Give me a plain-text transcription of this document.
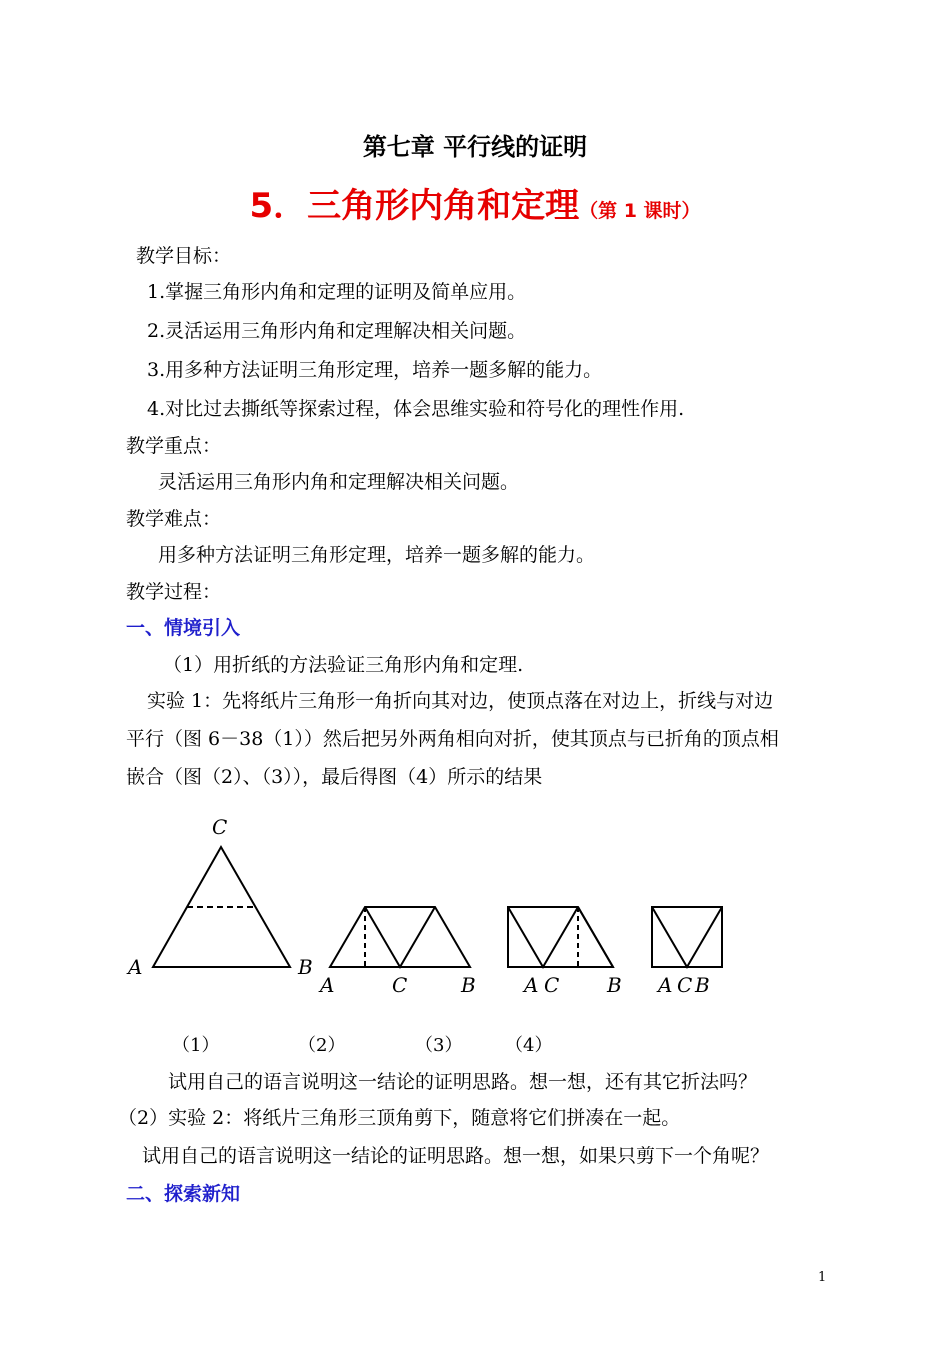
第七章 平行线的证明
5．三角形内角和定理（第 1 课时）
教学目标：
1.掌握三角形内角和定理的证明及简单应用。
2.灵活运用三角形内角和定理解决相关问题。
3.用多种方法证明三角形定理，培养一题多解的能力。
4.对比过去撕纸等探索过程，体会思维实验和符号化的理性作用.
教学重点：
灵活运用三角形内角和定理解决相关问题。
教学难点：
用多种方法证明三角形定理，培养一题多解的能力。
教学过程：
一、情境引入
（1）用折纸的方法验证三角形内角和定理.
实验 1：先将纸片三角形一角折向其对边，使顶点落在对边上，折线与对边
平行（图 6－38（1））然后把另外两角相向对折，使其顶点与已折角的顶点相
嵌合（图（2）、（3）），最后得图（4）所示的结果
C
A	B
A	C	B A C B A C B
（1）	（2）	（3） （4）
试用自己的语言说明这一结论的证明思路。想一想，还有其它折法吗？
（2）实验 2：将纸片三角形三顶角剪下，随意将它们拼凑在一起。
试用自己的语言说明这一结论的证明思路。想一想，如果只剪下一个角呢？
二、探索新知
1
